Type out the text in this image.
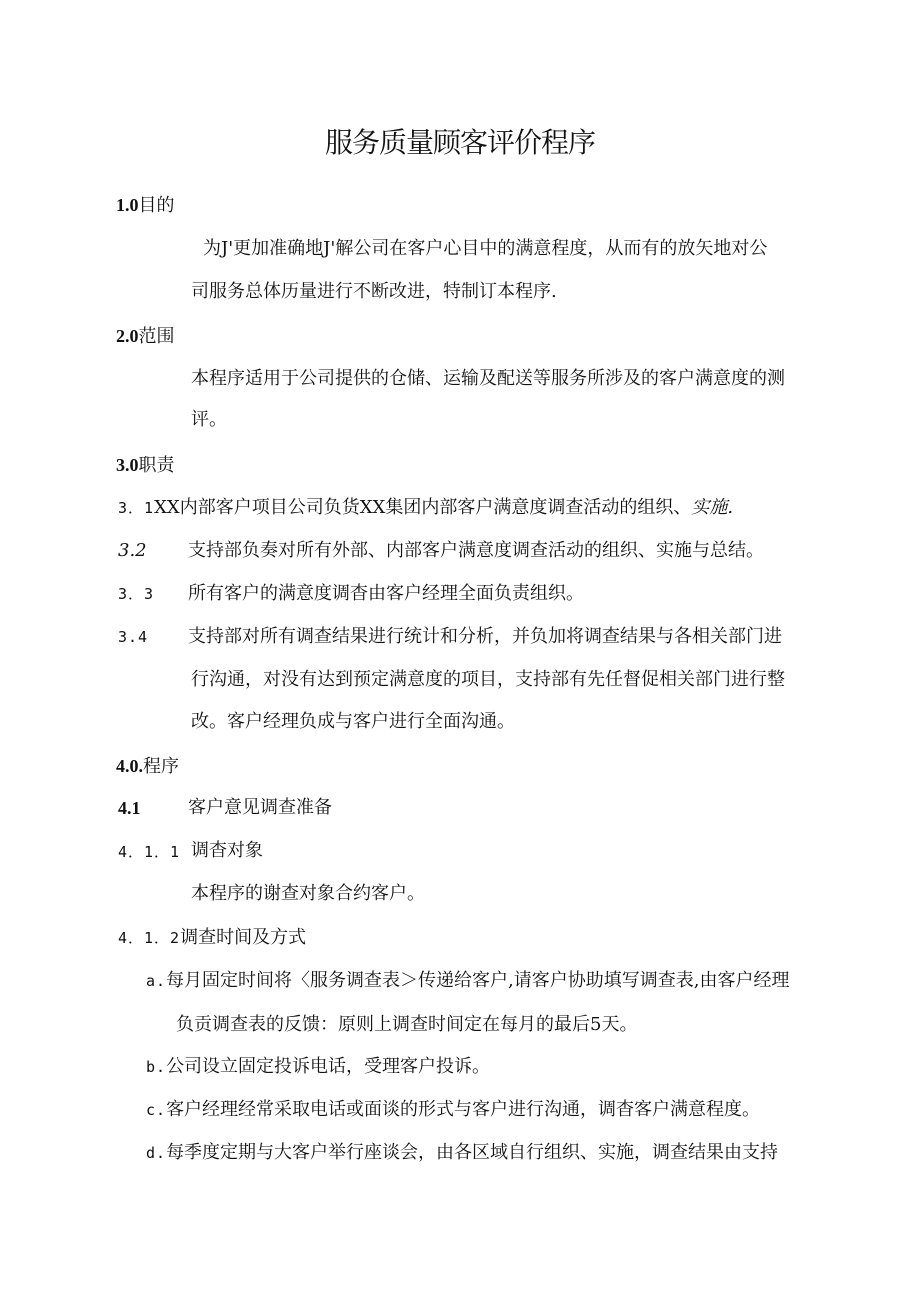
服务质量顾客评价程序
1.0目的
为J'更加准确地J'解公司在客户心目中的满意程度，从而有的放矢地对公
司服务总体历量进行不断改进，特制订本程序.
2.0范围
本程序适用于公司提供的仓储、运输及配送等服务所涉及的客户满意度的测
评。
3.0职责
3．1XX内部客户项目公司负货XX集团内部客户满意度调查活动的组织、实施.
3.2 支持部负奏对所有外部、内部客户满意度调查活动的组织、实施与总结。
3．3 所有客户的满意度调杳由客户经理全面负责组织。
3.4 支持部对所有调查结果进行统计和分析，并负加将调查结果与各相关部门进
行沟通，对没有达到预定满意度的项目，支持部有先任督促相关部门进行整
改。客户经理负成与客户进行全面沟通。
4.0.程序
4.1	客户意见调查准备
4．1．1 调杳对象
本程序的谢查对象合约客户。
4．1．2调查时间及方式
a.每月固定时间将〈服务调查表＞传递给客户,请客户协助填写调查表,由客户经理
负贡调查表的反馈：原则上调查时间定在每月的最后5天。
b.公司设立固定投诉电话，受理客户投诉。
c.客户经理经常采取电话或面谈的形式与客户进行沟通，调杳客户满意程度。
d.每季度定期与大客户举行座谈会，由各区域自行组织、实施，调查结果由支持
